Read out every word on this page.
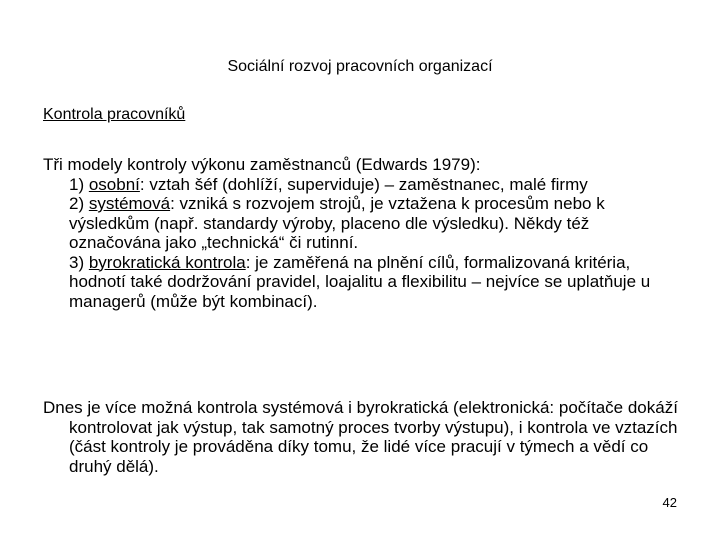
Sociální rozvoj pracovních organizací
Kontrola pracovníků

Tři modely kontroly výkonu zaměstnanců (Edwards 1979):

1) osobní: vztah šéf (dohlíží, superviduje) – zaměstnanec, malé firmy

2) systémová: vzniká s rozvojem strojů, je vztažena k procesům nebo k výsledkům (např. standardy výroby, placeno dle výsledku). Někdy též označována jako „technická“ či rutinní.

3) byrokratická kontrola: je zaměřená na plnění cílů, formalizovaná kritéria, hodnotí také dodržování pravidel, loajalitu a flexibilitu – nejvíce se uplatňuje u managerů (může být kombinací).

Dnes je více možná kontrola systémová i byrokratická (elektronická: počítače dokáží kontrolovat jak výstup, tak samotný proces tvorby výstupu), i kontrola ve vztazích (část kontroly je prováděna díky tomu, že lidé více pracují v týmech a vědí co druhý dělá).

42
